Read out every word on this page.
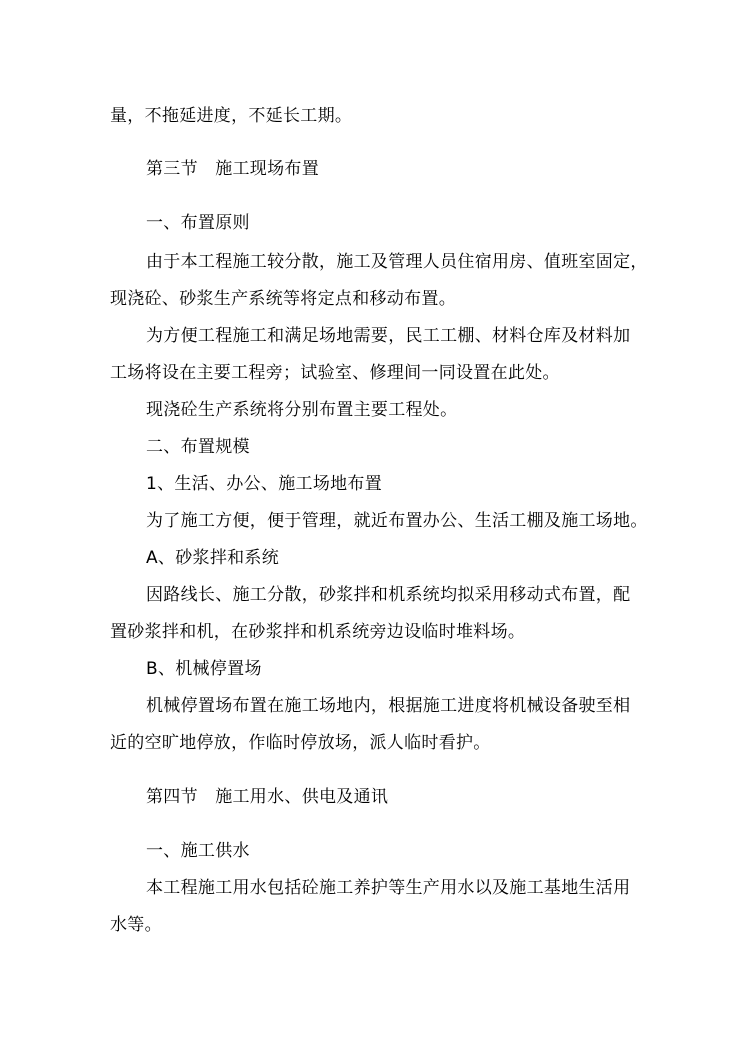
量，不拖延进度，不延长工期。
第三节　施工现场布置
一、布置原则
由于本工程施工较分散，施工及管理人员住宿用房、值班室固定，
现浇砼、砂浆生产系统等将定点和移动布置。
为方便工程施工和满足场地需要，民工工棚、材料仓库及材料加
工场将设在主要工程旁；试验室、修理间一同设置在此处。
现浇砼生产系统将分别布置主要工程处。
二、布置规模
1、生活、办公、施工场地布置
为了施工方便，便于管理，就近布置办公、生活工棚及施工场地。
A、砂浆拌和系统
因路线长、施工分散，砂浆拌和机系统均拟采用移动式布置，配
置砂浆拌和机，在砂浆拌和机系统旁边设临时堆料场。
B、机械停置场
机械停置场布置在施工场地内，根据施工进度将机械设备驶至相
近的空旷地停放，作临时停放场，派人临时看护。
第四节　施工用水、供电及通讯
一、施工供水
本工程施工用水包括砼施工养护等生产用水以及施工基地生活用
水等。
